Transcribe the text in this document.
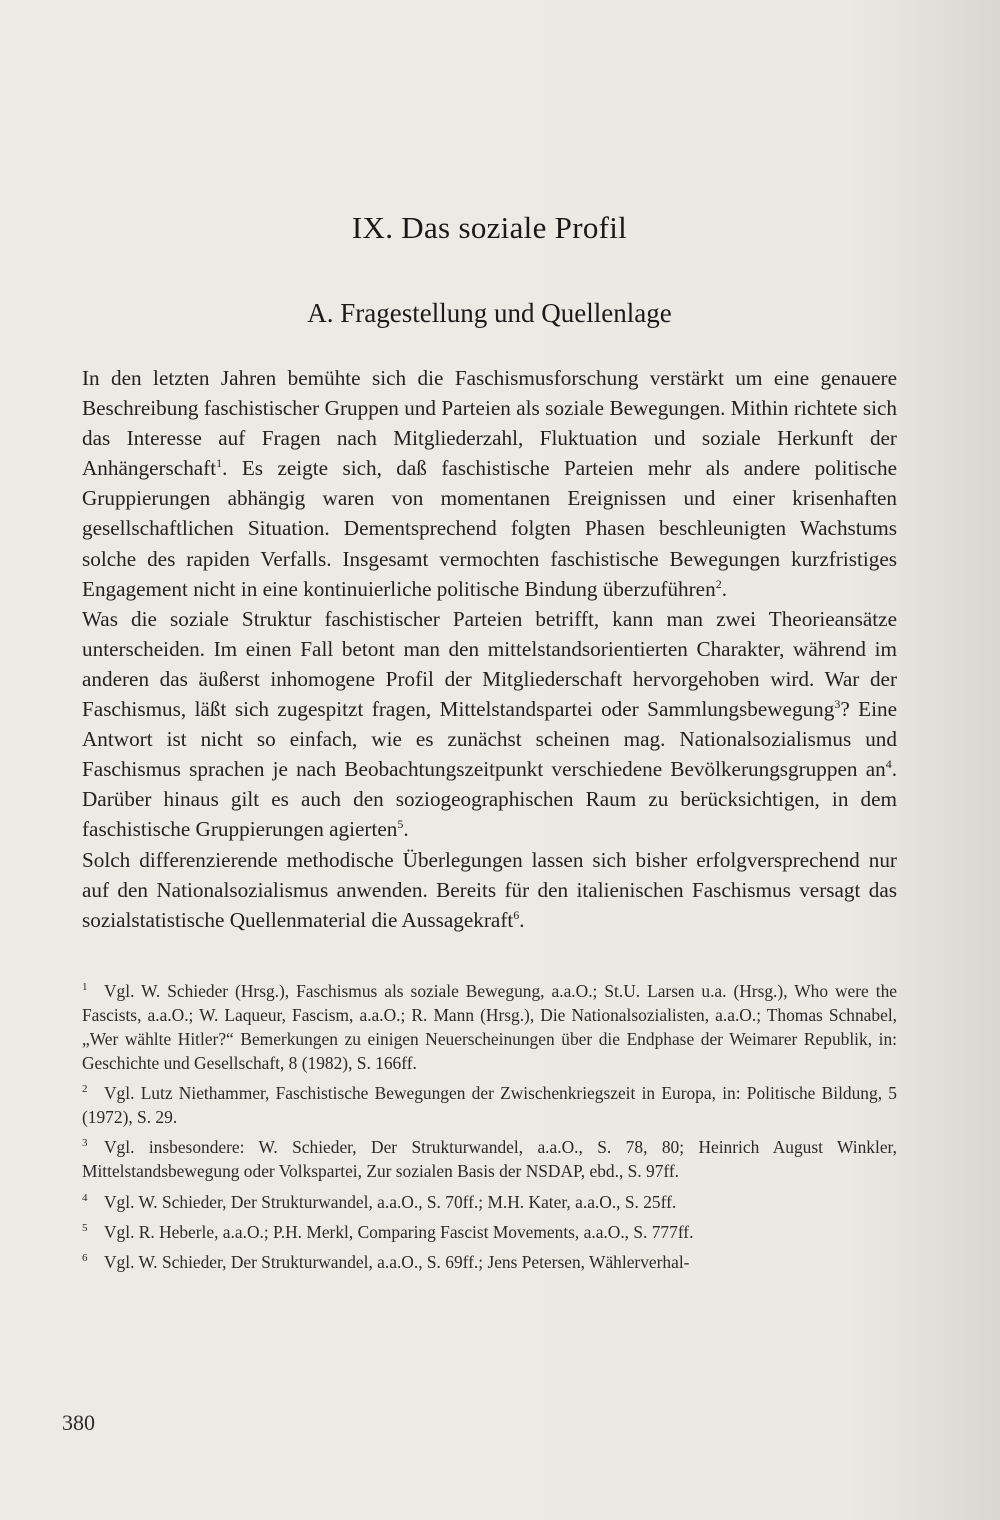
IX. Das soziale Profil
A. Fragestellung und Quellenlage

In den letzten Jahren bemühte sich die Faschismusforschung verstärkt um eine genauere Beschreibung faschistischer Gruppen und Parteien als soziale Bewegungen. Mithin richtete sich das Interesse auf Fragen nach Mitgliederzahl, Fluktuation und soziale Herkunft der Anhängerschaft$^1$. Es zeigte sich, daß faschistische Parteien mehr als andere politische Gruppierungen abhängig waren von momentanen Ereignissen und einer krisenhaften gesellschaftlichen Situation. Dementsprechend folgten Phasen beschleunigten Wachstums solche des rapiden Verfalls. Insgesamt vermochten faschistische Bewegungen kurzfristiges Engagement nicht in eine kontinuierliche politische Bindung überzuführen$^2$.

Was die soziale Struktur faschistischer Parteien betrifft, kann man zwei Theorieansätze unterscheiden. Im einen Fall betont man den mittelstandsorientierten Charakter, während im anderen das äußerst inhomogene Profil der Mitgliederschaft hervorgehoben wird. War der Faschismus, läßt sich zugespitzt fragen, Mittelstandspartei oder Sammlungsbewegung$^3$? Eine Antwort ist nicht so einfach, wie es zunächst scheinen mag. Nationalsozialismus und Faschismus sprachen je nach Beobachtungszeitpunkt verschiedene Bevölkerungsgruppen $an^4$. Darüber hinaus gilt es auch den soziogeographischen Raum zu berücksichtigen, in dem faschistische Gruppierungen agierten$^5$.

Solch differenzierende methodische Überlegungen lassen sich bisher erfolgversprechend nur auf den Nationalsozialismus anwenden. Bereits für den italienischen Faschismus versagt das sozialstatistische Quellenmaterial die Aussagekraft$^6$.

1 Vgl. W. Schieder (Hrsg.), Faschismus als soziale Bewegung, a.a.O.; St.U. Larsen u.a. (Hrsg.), Who were the Fascists, a.a.O.; W. Laqueur, Fascism, a.a.O.; R. Mann (Hrsg.), Die Nationalsozialisten, a.a.O.; Thomas Schnabel, „Wer wählte Hitler?“ Bemerkungen zu einigen Neuerscheinungen über die Endphase der Weimarer Republik, in: Geschichte und Gesellschaft, 8 (1982), S. 166ff.

2 Vgl. Lutz Niethammer, Faschistische Bewegungen der Zwischenkriegszeit in Europa, in: Politische Bildung, 5 (1972), S. 29.

3 Vgl. insbesondere: W. Schieder, Der Strukturwandel, a.a.O., S. 78, 80; Heinrich August Winkler, Mittelstandsbewegung oder Volkspartei, Zur sozialen Basis der NSDAP, ebd., S. 97ff.

4 Vgl. W. Schieder, Der Strukturwandel, a.a.O., S. 70ff.; M.H. Kater, a.a.O., S. 25ff.

5 Vgl. R. Heberle, a.a.O.; P.H. Merkl, Comparing Fascist Movements, a.a.O., S. 777ff.

6 Vgl. W. Schieder, Der Strukturwandel, a.a.O., S. 69ff.; Jens Petersen, Wählerverhal-

380
